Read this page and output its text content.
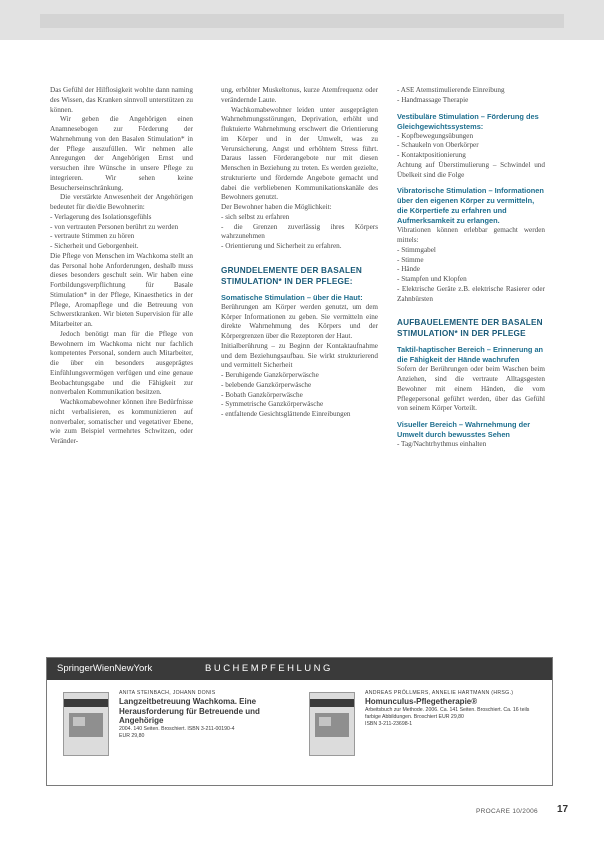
Das Gefühl der Hilflosigkeit wohlte dann naming des Wissen, das Kranken sinnvoll unterstützen zu können.

Wir geben die Angehörigen einen Anamnesebogen zur Förderung der Wahrnehmung von den Basalen Stimulation* in der Pflege auszufüllen. Wir nehmen alle Anregungen der Angehörigen Ernst und versuchen ihre Wünsche in unsere Pflege zu integrieren. Wir sehen keine Besucherseinschränkung.

Die verstärkte Anwesenheit der Angehörigen bedeutet für die/die Bewohnerin:

- Verlagerung des Isolationsgefühls

- von vertrauten Personen berührt zu werden

- vertraute Stimmen zu hören

- Sicherheit und Geborgenheit.

Die Pflege von Menschen im Wachkoma stellt an das Personal hohe Anforderungen, deshalb muss dieses besonders geschult sein. Wir haben eine Fortbildungsverpflichtung für Basale Stimulation* in der Pflege, Kinaesthetics in der Pflege, Aromapflege und die Betreuung von Schwerstkranken. Wir bieten Supervision für alle Mitarbeiter an.

Jedoch benötigt man für die Pflege von Bewohnern im Wachkoma nicht nur fachlich kompetentes Personal, sondern auch Mitarbeiter, die über ein besonders ausgeprägtes Einfühlungsvermögen verfügen und eine genaue Beobachtungsgabe und die Fähigkeit zur nonverbalen Kommunikation besitzen.

Wachkomabewohner können ihre Bedürfnisse nicht verbalisieren, es kommunizieren auf nonverbaler, somatischer und vegetativer Ebene, wie zum Beispiel vermehrtes Schwitzen, oder Veränder-

ung, erhöhter Muskeltonus, kurze Atemfrequenz oder verändernde Laute.

Wachkomabewohner leiden unter ausgeprägten Wahrnehmungsstörungen, Deprivation, erhöht und fluktuierte Wahrnehmung erschwert die Orientierung im Körper und in der Umwelt, was zu Verunsicherung, Angst und erhöhtem Stress führt. Daraus lassen Förderangebote nur mit diesen Menschen in Beziehung zu treten. Es werden gezielte, strukturierte und fördernde Angebote gemacht und dabei die verbliebenen Kommunikationskanäle des Bewohners genutzt.

Der Bewohner haben die Möglichkeit:

- sich selbst zu erfahren

- die Grenzen zuverlässig ihres Körpers wahrzunehmen

- Orientierung und Sicherheit zu erfahren.

GRUNDELEMENTE DER BASALEN STIMULATION* IN DER PFLEGE:

Somatische Stimulation – über die Haut:

Berührungen am Körper werden genutzt, um dem Körper Informationen zu geben. Sie vermitteln eine direkte Wahrnehmung des Körpers und der Körpergrenzen über die Rezeptoren der Haut.

Initialberührung – zu Beginn der Kontaktaufnahme und dem Beziehungsaufbau. Sie wirkt strukturierend und vermittelt Sicherheit

- Beruhigende Ganzkörperwäsche

- belebende Ganzkörperwäsche

- Bobath Ganzkörperwäsche

- Symmetrische Ganzkörperwäsche

- entfaltende Gesichtsglättende Einreibungen

- ASE Atemstimulierende Einreibung

- Handmassage Therapie

Vestibuläre Stimulation – Förderung des Gleichgewichtssystems:

- Kopfbewegungsübungen

- Schaukeln von Oberkörper

- Kontaktpositionierung

Achtung auf Überstimulierung – Schwindel und Übelkeit sind die Folge

Vibratorische Stimulation – Informationen über den eigenen Körper zu vermitteln, die Körpertiefe zu erfahren und Aufmerksamkeit zu erlangen.

Vibrationen können erlebbar gemacht werden mittels:

- Stimmgabel

- Stimme

- Hände

- Stampfen und Klopfen

- Elektrische Geräte z.B. elektrische Rasierer oder Zahnbürsten

AUFBAUELEMENTE DER BASALEN STIMULATION* IN DER PFLEGE

Taktil-haptischer Bereich – Erinnerung an die Fähigkeit der Hände wachrufen

Sofern der Berührungen oder beim Waschen beim Anziehen, sind die vertraute Alltagsgesten Bewohner mit einem Händen, die vom Pflegepersonal geführt werden, über das Gefühl von seinem Körper Vorteilt.

Visueller Bereich – Wahrnehmung der Umwelt durch bewusstes Sehen

- Tag/Nachtrhythmus einhalten

SpringerWienNewYork	BUCHEMPFEHLUNG
ANITA STEINBACH, JOHANN DONIS
Langzeitbetreuung Wachkoma. Eine Herausforderung für Betreuende und Angehörige
2004. 140 Seiten. Broschiert. ISBN 3-211-00190-4
EUR 29,80
ANDREAS PRÖLLMERS, ANNELIE HARTMANN (HRSG.)
Homunculus-Pflegetherapie®
Arbeitsbuch zur Methode. 2006. Ca. 141 Seiten. Broschiert. Ca. 16 teils farbige Abbildungen. Broschiert EUR 29,80
ISBN 3-211-23698-1
PROCARE 10/2006 17
